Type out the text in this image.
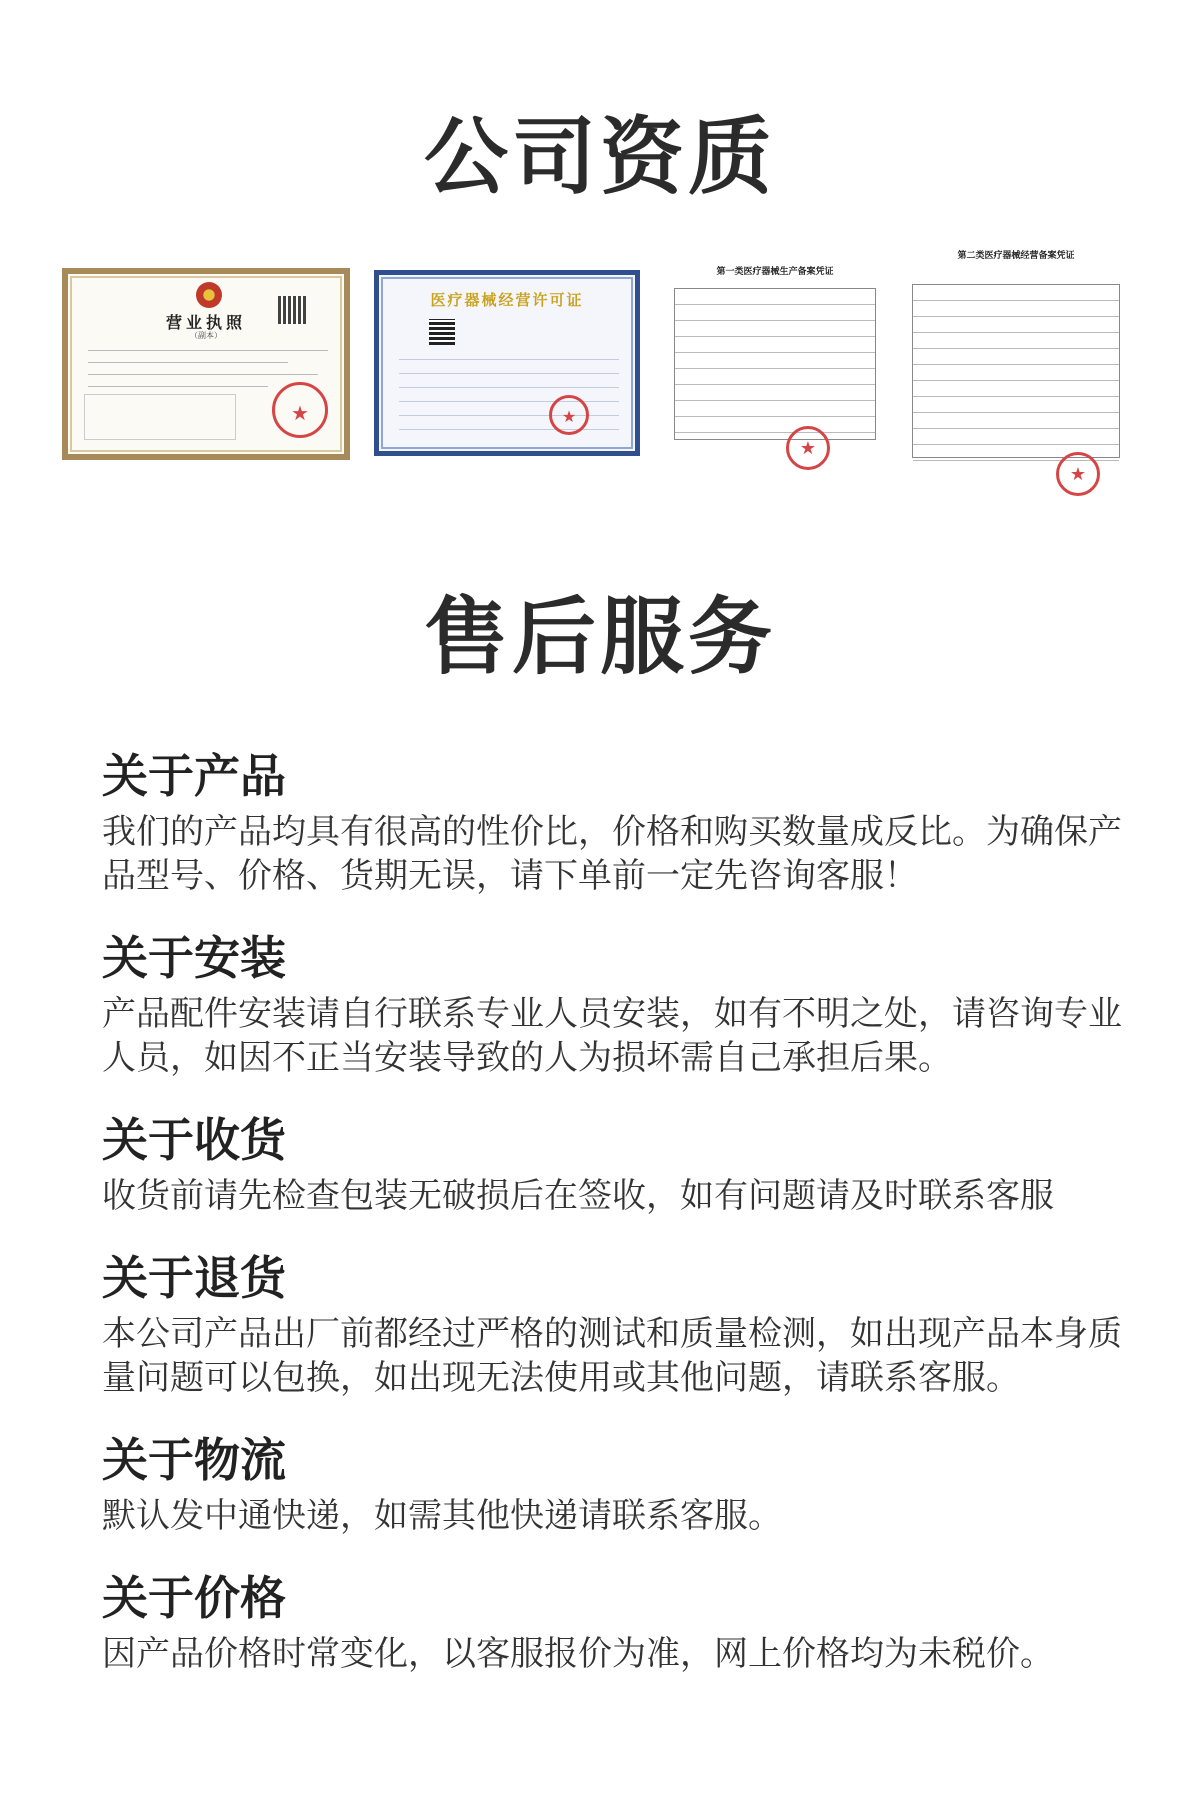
公司资质
营业执照
（副本）
★
医疗器械经营许可证
★
第一类医疗器械生产备案凭证
★
第二类医疗器械经营备案凭证
★
售后服务
关于产品

我们的产品均具有很高的性价比，价格和购买数量成反比。为确保产品型号、价格、货期无误，请下单前一定先咨询客服！

关于安装

产品配件安装请自行联系专业人员安装，如有不明之处，请咨询专业人员，如因不正当安装导致的人为损坏需自己承担后果。

关于收货

收货前请先检查包装无破损后在签收，如有问题请及时联系客服

关于退货

本公司产品出厂前都经过严格的测试和质量检测，如出现产品本身质量问题可以包换，如出现无法使用或其他问题，请联系客服。

关于物流

默认发中通快递，如需其他快递请联系客服。

关于价格

因产品价格时常变化，以客服报价为准，网上价格均为未税价。
